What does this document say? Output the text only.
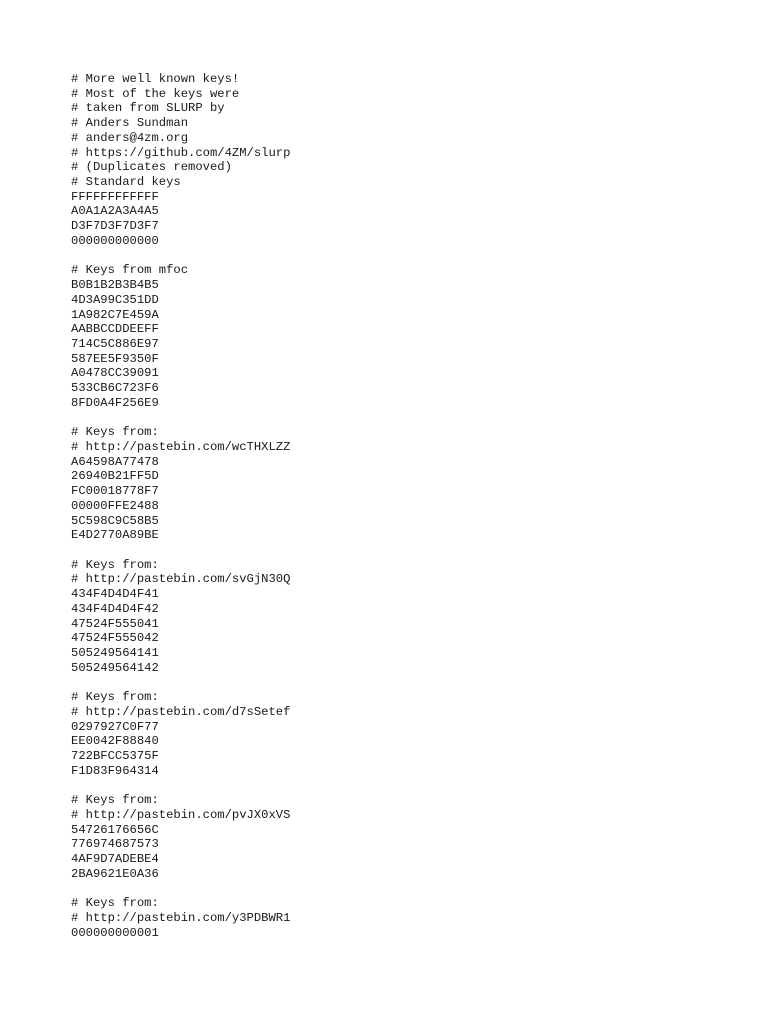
# More well known keys!
# Most of the keys were
# taken from SLURP by
# Anders Sundman
# anders@4zm.org
# https://github.com/4ZM/slurp
# (Duplicates removed)
# Standard keys
FFFFFFFFFFFF
A0A1A2A3A4A5
D3F7D3F7D3F7
000000000000
# Keys from mfoc
B0B1B2B3B4B5
4D3A99C351DD
1A982C7E459A
AABBCCDDEEFF
714C5C886E97
587EE5F9350F
A0478CC39091
533CB6C723F6
8FD0A4F256E9
# Keys from:
# http://pastebin.com/wcTHXLZZ
A64598A77478
26940B21FF5D
FC00018778F7
00000FFE2488
5C598C9C58B5
E4D2770A89BE
# Keys from:
# http://pastebin.com/svGjN30Q
434F4D4D4F41
434F4D4D4F42
47524F555041
47524F555042
505249564141
505249564142
# Keys from:
# http://pastebin.com/d7sSetef
0297927C0F77
EE0042F88840
722BFCC5375F
F1D83F964314
# Keys from:
# http://pastebin.com/pvJX0xVS
54726176656C
776974687573
4AF9D7ADEBE4
2BA9621E0A36
# Keys from:
# http://pastebin.com/y3PDBWR1
000000000001
